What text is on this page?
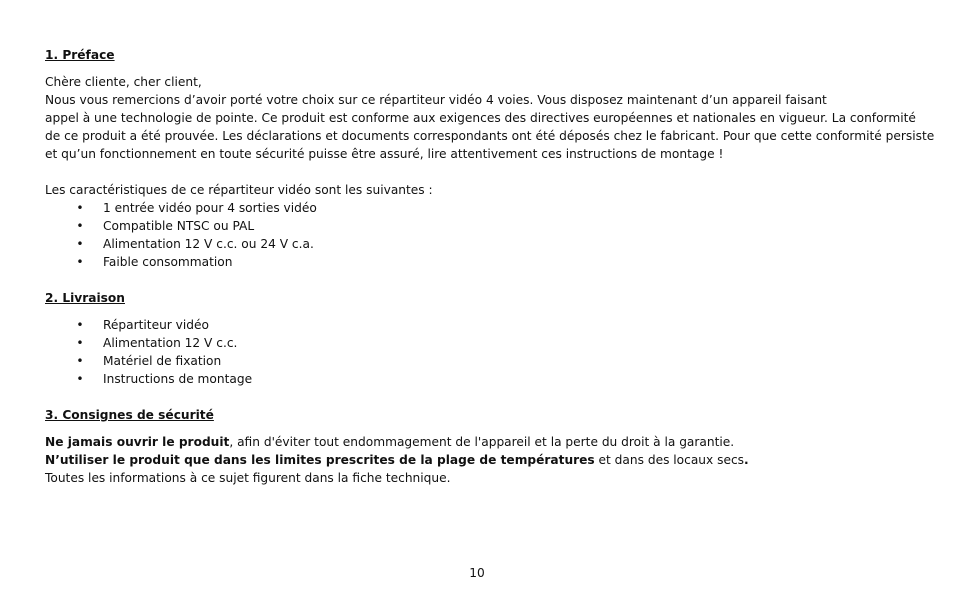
1. Préface
Chère cliente, cher client,
Nous vous remercions d’avoir porté votre choix sur ce répartiteur vidéo 4 voies. Vous disposez maintenant d’un appareil faisant
appel à une technologie de pointe. Ce produit est conforme aux exigences des directives européennes et nationales en vigueur. La conformité
de ce produit a été prouvée. Les déclarations et documents correspondants ont été déposés chez le fabricant. Pour que cette conformité persiste
et qu’un fonctionnement en toute sécurité puisse être assuré, lire attentivement ces instructions de montage !
Les caractéristiques de ce répartiteur vidéo sont les suivantes :
• 1 entrée vidéo pour 4 sorties vidéo
• Compatible NTSC ou PAL
• Alimentation 12 V c.c. ou 24 V c.a.
• Faible consommation
2. Livraison
• Répartiteur vidéo
• Alimentation 12 V c.c.
• Matériel de fixation
• Instructions de montage
3. Consignes de sécurité
Ne jamais ouvrir le produit, afin d'éviter tout endommagement de l'appareil et la perte du droit à la garantie.
N’utiliser le produit que dans les limites prescrites de la plage de températures et dans des locaux secs.
Toutes les informations à ce sujet figurent dans la fiche technique.
10
